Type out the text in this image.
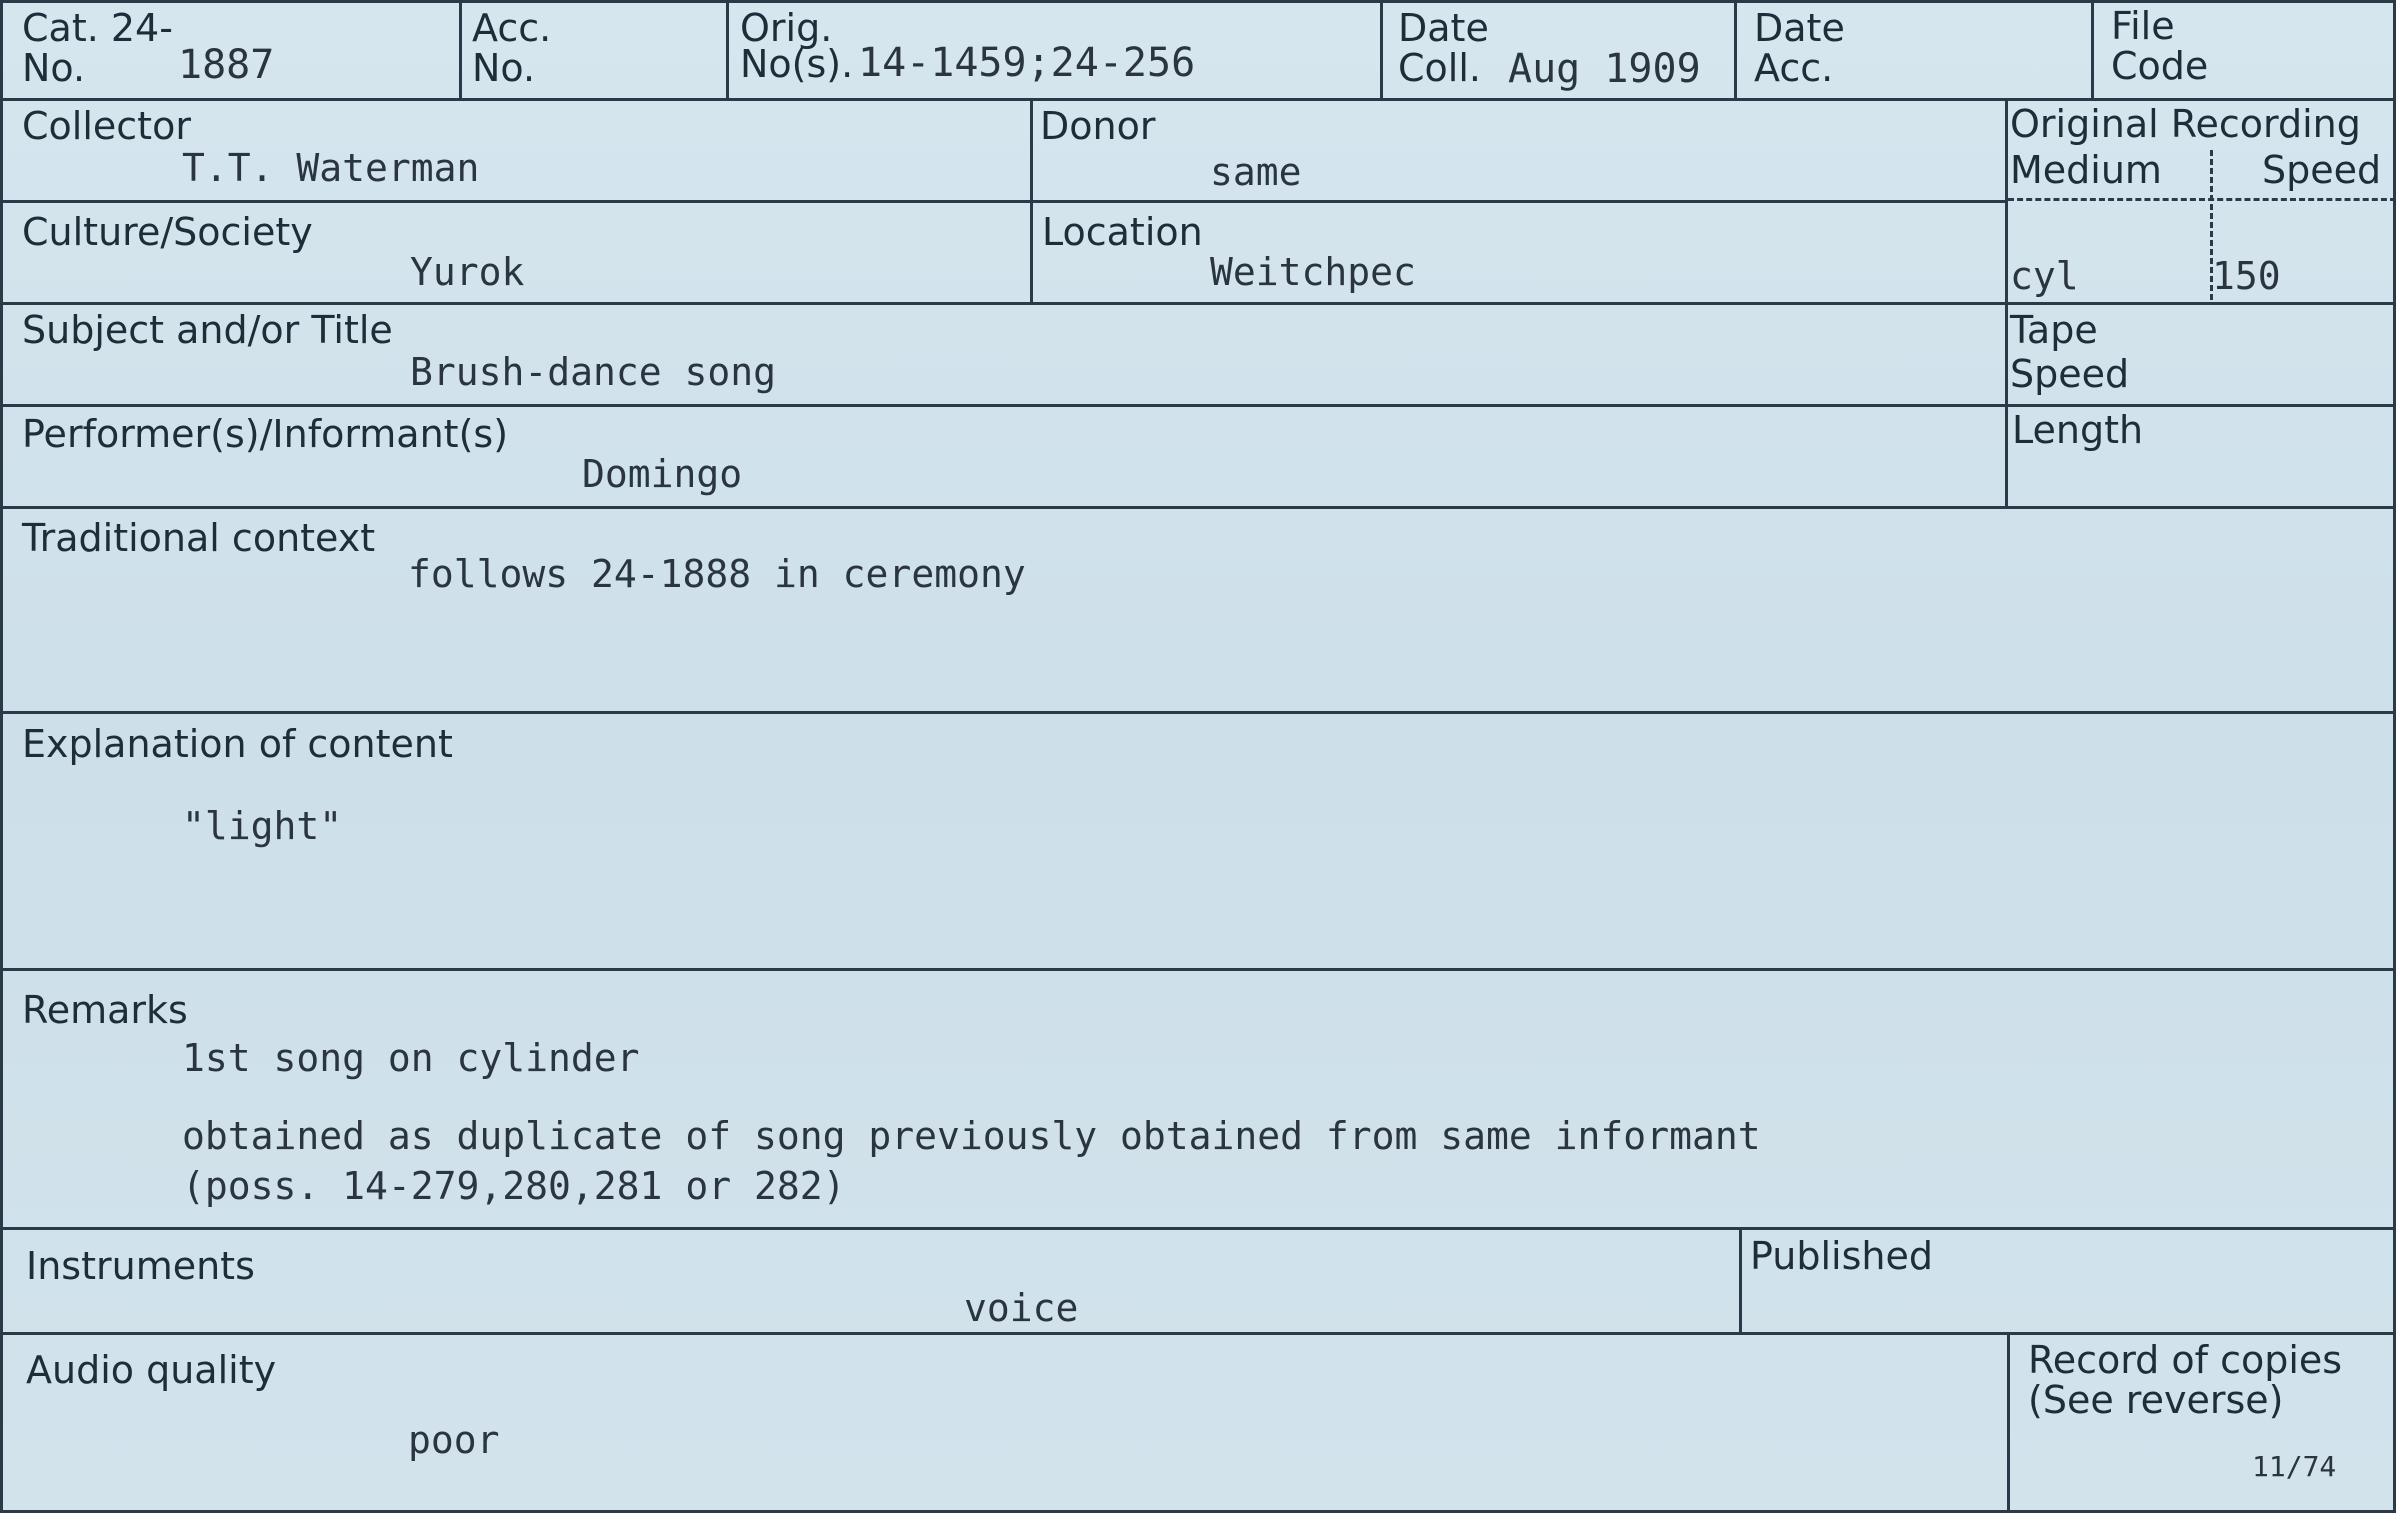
Cat. 24-
No. 1887
Acc.
No.
Orig.
No(s). 14-1459;24-256
Date
Coll. Aug 1909
Date
Acc.
File
Code
Collector
T.T. Waterman
Donor
same
Original Recording
Medium	Speed
cyl	150
Culture/Society
Yurok
Location
Weitchpec
Subject and/or Title
Brush-dance song
Tape
Speed
Performer(s)/Informant(s)
Domingo
Length
Traditional context
follows 24-1888 in ceremony
Explanation of content
"light"
Remarks
1st song on cylinder
obtained as duplicate of song previously obtained from same informant
(poss. 14-279,280,281 or 282)
Instruments
voice
Published
Audio quality
poor
Record of copies
(See reverse)
11/74
